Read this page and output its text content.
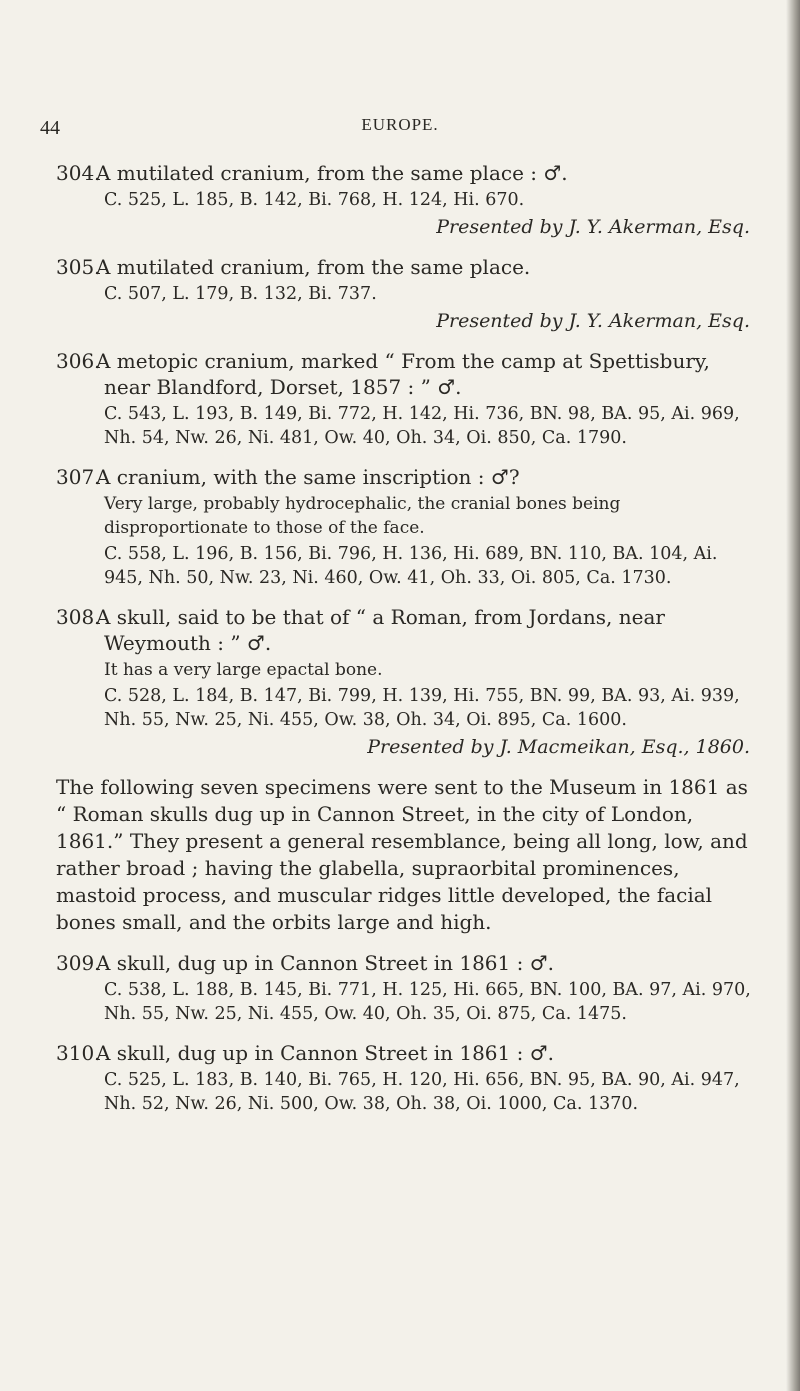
44	EUROPE.

304.A mutilated cranium, from the same place : ♂.

C. 525, L. 185, B. 142, Bi. 768, H. 124, Hi. 670.

Presented by J. Y. Akerman, Esq.

305.A mutilated cranium, from the same place.

C. 507, L. 179, B. 132, Bi. 737.

Presented by J. Y. Akerman, Esq.

306.A metopic cranium, marked “ From the camp at Spettisbury, near Blandford, Dorset, 1857 : ” ♂.

C. 543, L. 193, B. 149, Bi. 772, H. 142, Hi. 736, BN. 98, BA. 95, Ai. 969, Nh. 54, Nw. 26, Ni. 481, Ow. 40, Oh. 34, Oi. 850, Ca. 1790.

307.A cranium, with the same inscription : ♂?

Very large, probably hydrocephalic, the cranial bones being disproportionate to those of the face.

C. 558, L. 196, B. 156, Bi. 796, H. 136, Hi. 689, BN. 110, BA. 104, Ai. 945, Nh. 50, Nw. 23, Ni. 460, Ow. 41, Oh. 33, Oi. 805, Ca. 1730.

308.A skull, said to be that of “ a Roman, from Jordans, near Weymouth : ” ♂.

It has a very large epactal bone.

C. 528, L. 184, B. 147, Bi. 799, H. 139, Hi. 755, BN. 99, BA. 93, Ai. 939, Nh. 55, Nw. 25, Ni. 455, Ow. 38, Oh. 34, Oi. 895, Ca. 1600.

Presented by J. Macmeikan, Esq., 1860.

The following seven specimens were sent to the Museum in 1861 as “ Roman skulls dug up in Cannon Street, in the city of London, 1861.” They present a general resemblance, being all long, low, and rather broad ; having the glabella, supraorbital prominences, mastoid process, and muscular ridges little developed, the facial bones small, and the orbits large and high.

309.A skull, dug up in Cannon Street in 1861 : ♂.

C. 538, L. 188, B. 145, Bi. 771, H. 125, Hi. 665, BN. 100, BA. 97, Ai. 970, Nh. 55, Nw. 25, Ni. 455, Ow. 40, Oh. 35, Oi. 875, Ca. 1475.

310.A skull, dug up in Cannon Street in 1861 : ♂.

C. 525, L. 183, B. 140, Bi. 765, H. 120, Hi. 656, BN. 95, BA. 90, Ai. 947, Nh. 52, Nw. 26, Ni. 500, Ow. 38, Oh. 38, Oi. 1000, Ca. 1370.
